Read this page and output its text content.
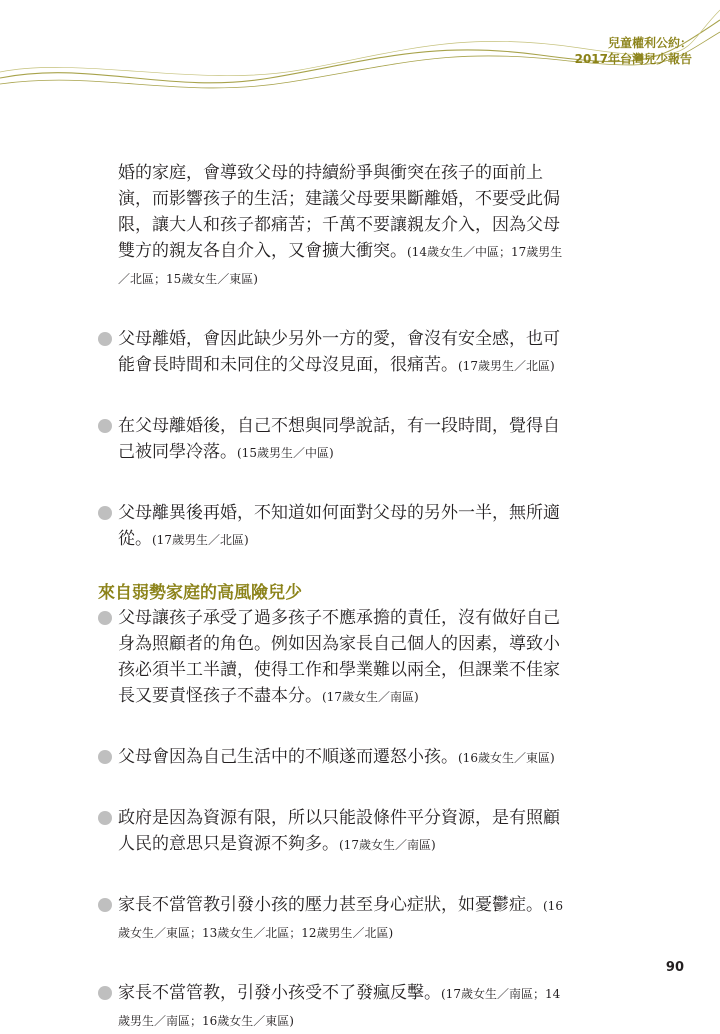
兒童權利公約：
2017年台灣兒少報告

婚的家庭，會導致父母的持續紛爭與衝突在孩子的面前上演，而影響孩子的生活；建議父母要果斷離婚，不要受此侷限，讓大人和孩子都痛苦；千萬不要讓親友介入，因為父母雙方的親友各自介入，又會擴大衝突。(14歲女生／中區；17歲男生／北區；15歲女生／東區)

父母離婚，會因此缺少另外一方的愛，會沒有安全感，也可能會長時間和未同住的父母沒見面，很痛苦。(17歲男生／北區)
在父母離婚後，自己不想與同學說話，有一段時間，覺得自己被同學冷落。(15歲男生／中區)
父母離異後再婚，不知道如何面對父母的另外一半，無所適從。(17歲男生／北區)
來自弱勢家庭的高風險兒少
父母讓孩子承受了過多孩子不應承擔的責任，沒有做好自己身為照顧者的角色。例如因為家長自己個人的因素，導致小孩必須半工半讀，使得工作和學業難以兩全，但課業不佳家長又要責怪孩子不盡本分。(17歲女生／南區)
父母會因為自己生活中的不順遂而遷怒小孩。(16歲女生／東區)
政府是因為資源有限，所以只能設條件平分資源，是有照顧人民的意思只是資源不夠多。(17歲女生／南區)
家長不當管教引發小孩的壓力甚至身心症狀，如憂鬱症。(16歲女生／東區；13歲女生／北區；12歲男生／北區)
家長不當管教，引發小孩受不了發瘋反擊。(17歲女生／南區；14歲男生／南區；16歲女生／東區)
90
